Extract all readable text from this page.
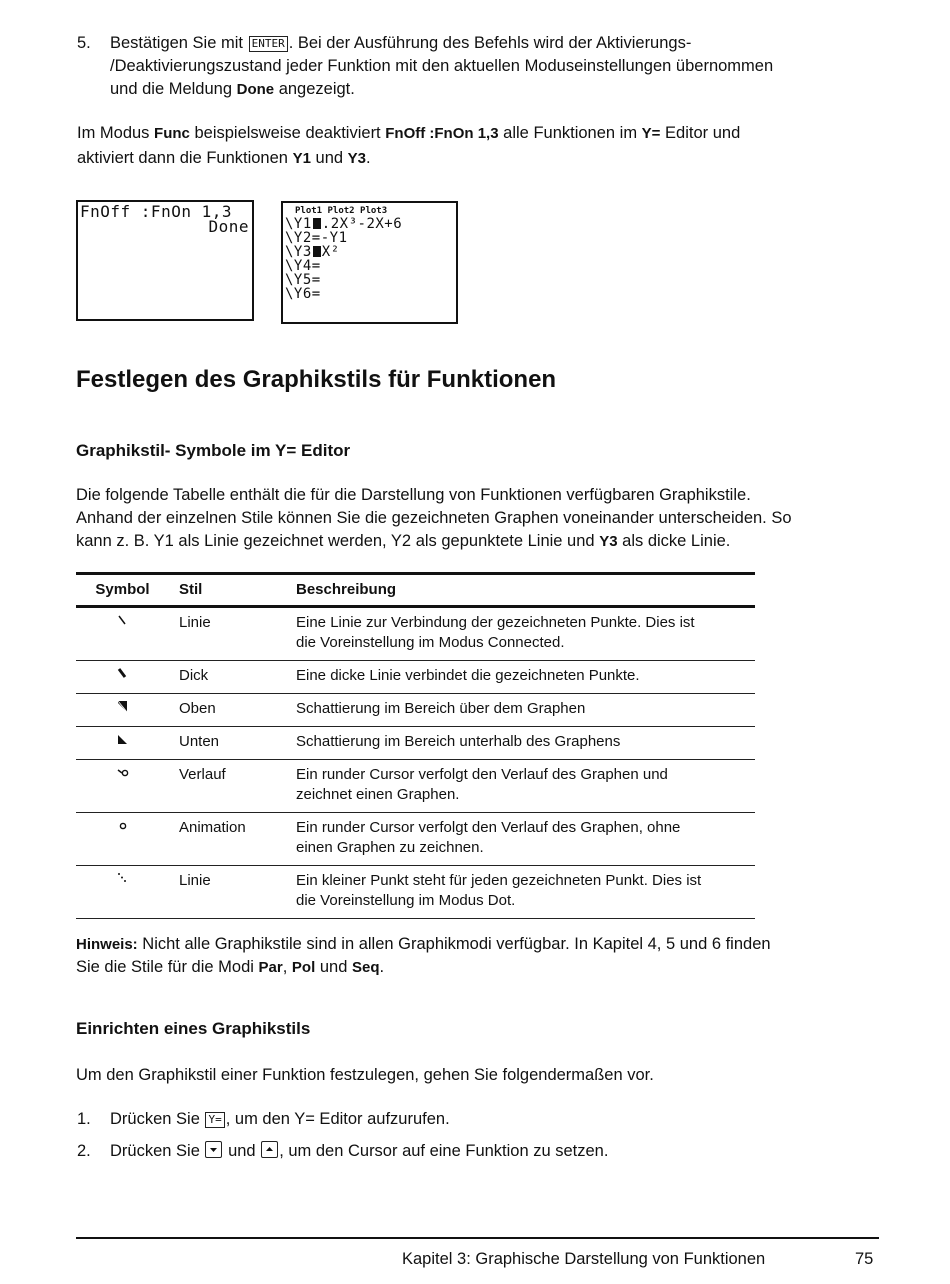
5. Bestätigen Sie mit ENTER . Bei der Ausführung des Befehls wird der Aktivierungs-
/Deaktivierungszustand jeder Funktion mit den aktuellen Moduseinstellungen übernommen
und die Meldung Done angezeigt.
Im Modus Func beispielsweise deaktiviert FnOff :FnOn 1,3 alle Funktionen im Y= Editor und
aktiviert dann die Funktionen Y1 und Y3.
FnOff :FnOn 1,3
Done
Plot1 Plot2 Plot3
\Y1 .2X³-2X+6
\Y2=-Y1
\Y3 X²
\Y4=
\Y5=
\Y6=
Festlegen des Graphikstils für Funktionen
Graphikstil- Symbole im Y= Editor
Die folgende Tabelle enthält die für die Darstellung von Funktionen verfügbaren Graphikstile.
Anhand der einzelnen Stile können Sie die gezeichneten Graphen voneinander unterscheiden. So
kann z. B. Y1 als Linie gezeichnet werden, Y2 als gepunktete Linie und Y3 als dicke Linie.
Symbol	Stil	Beschreibung
	Linie	Eine Linie zur Verbindung der gezeichneten Punkte. Dies ist
die Voreinstellung im Modus Connected.

	Dick	Eine dicke Linie verbindet die gezeichneten Punkte.

	Oben	Schattierung im Bereich über dem Graphen

	Unten	Schattierung im Bereich unterhalb des Graphens

	Verlauf	Ein runder Cursor verfolgt den Verlauf des Graphen und
zeichnet einen Graphen.

	Animation	Ein runder Cursor verfolgt den Verlauf des Graphen, ohne
einen Graphen zu zeichnen.

	Linie	Ein kleiner Punkt steht für jeden gezeichneten Punkt. Dies ist
die Voreinstellung im Modus Dot.
Hinweis: Nicht alle Graphikstile sind in allen Graphikmodi verfügbar. In Kapitel 4, 5 und 6 finden
Sie die Stile für die Modi Par, Pol und Seq.
Einrichten eines Graphikstils
Um den Graphikstil einer Funktion festzulegen, gehen Sie folgendermaßen vor.
1. Drücken Sie Y= , um den Y= Editor aufzurufen.
2. Drücken Sie und , um den Cursor auf eine Funktion zu setzen.
Kapitel 3: Graphische Darstellung von Funktionen	75
